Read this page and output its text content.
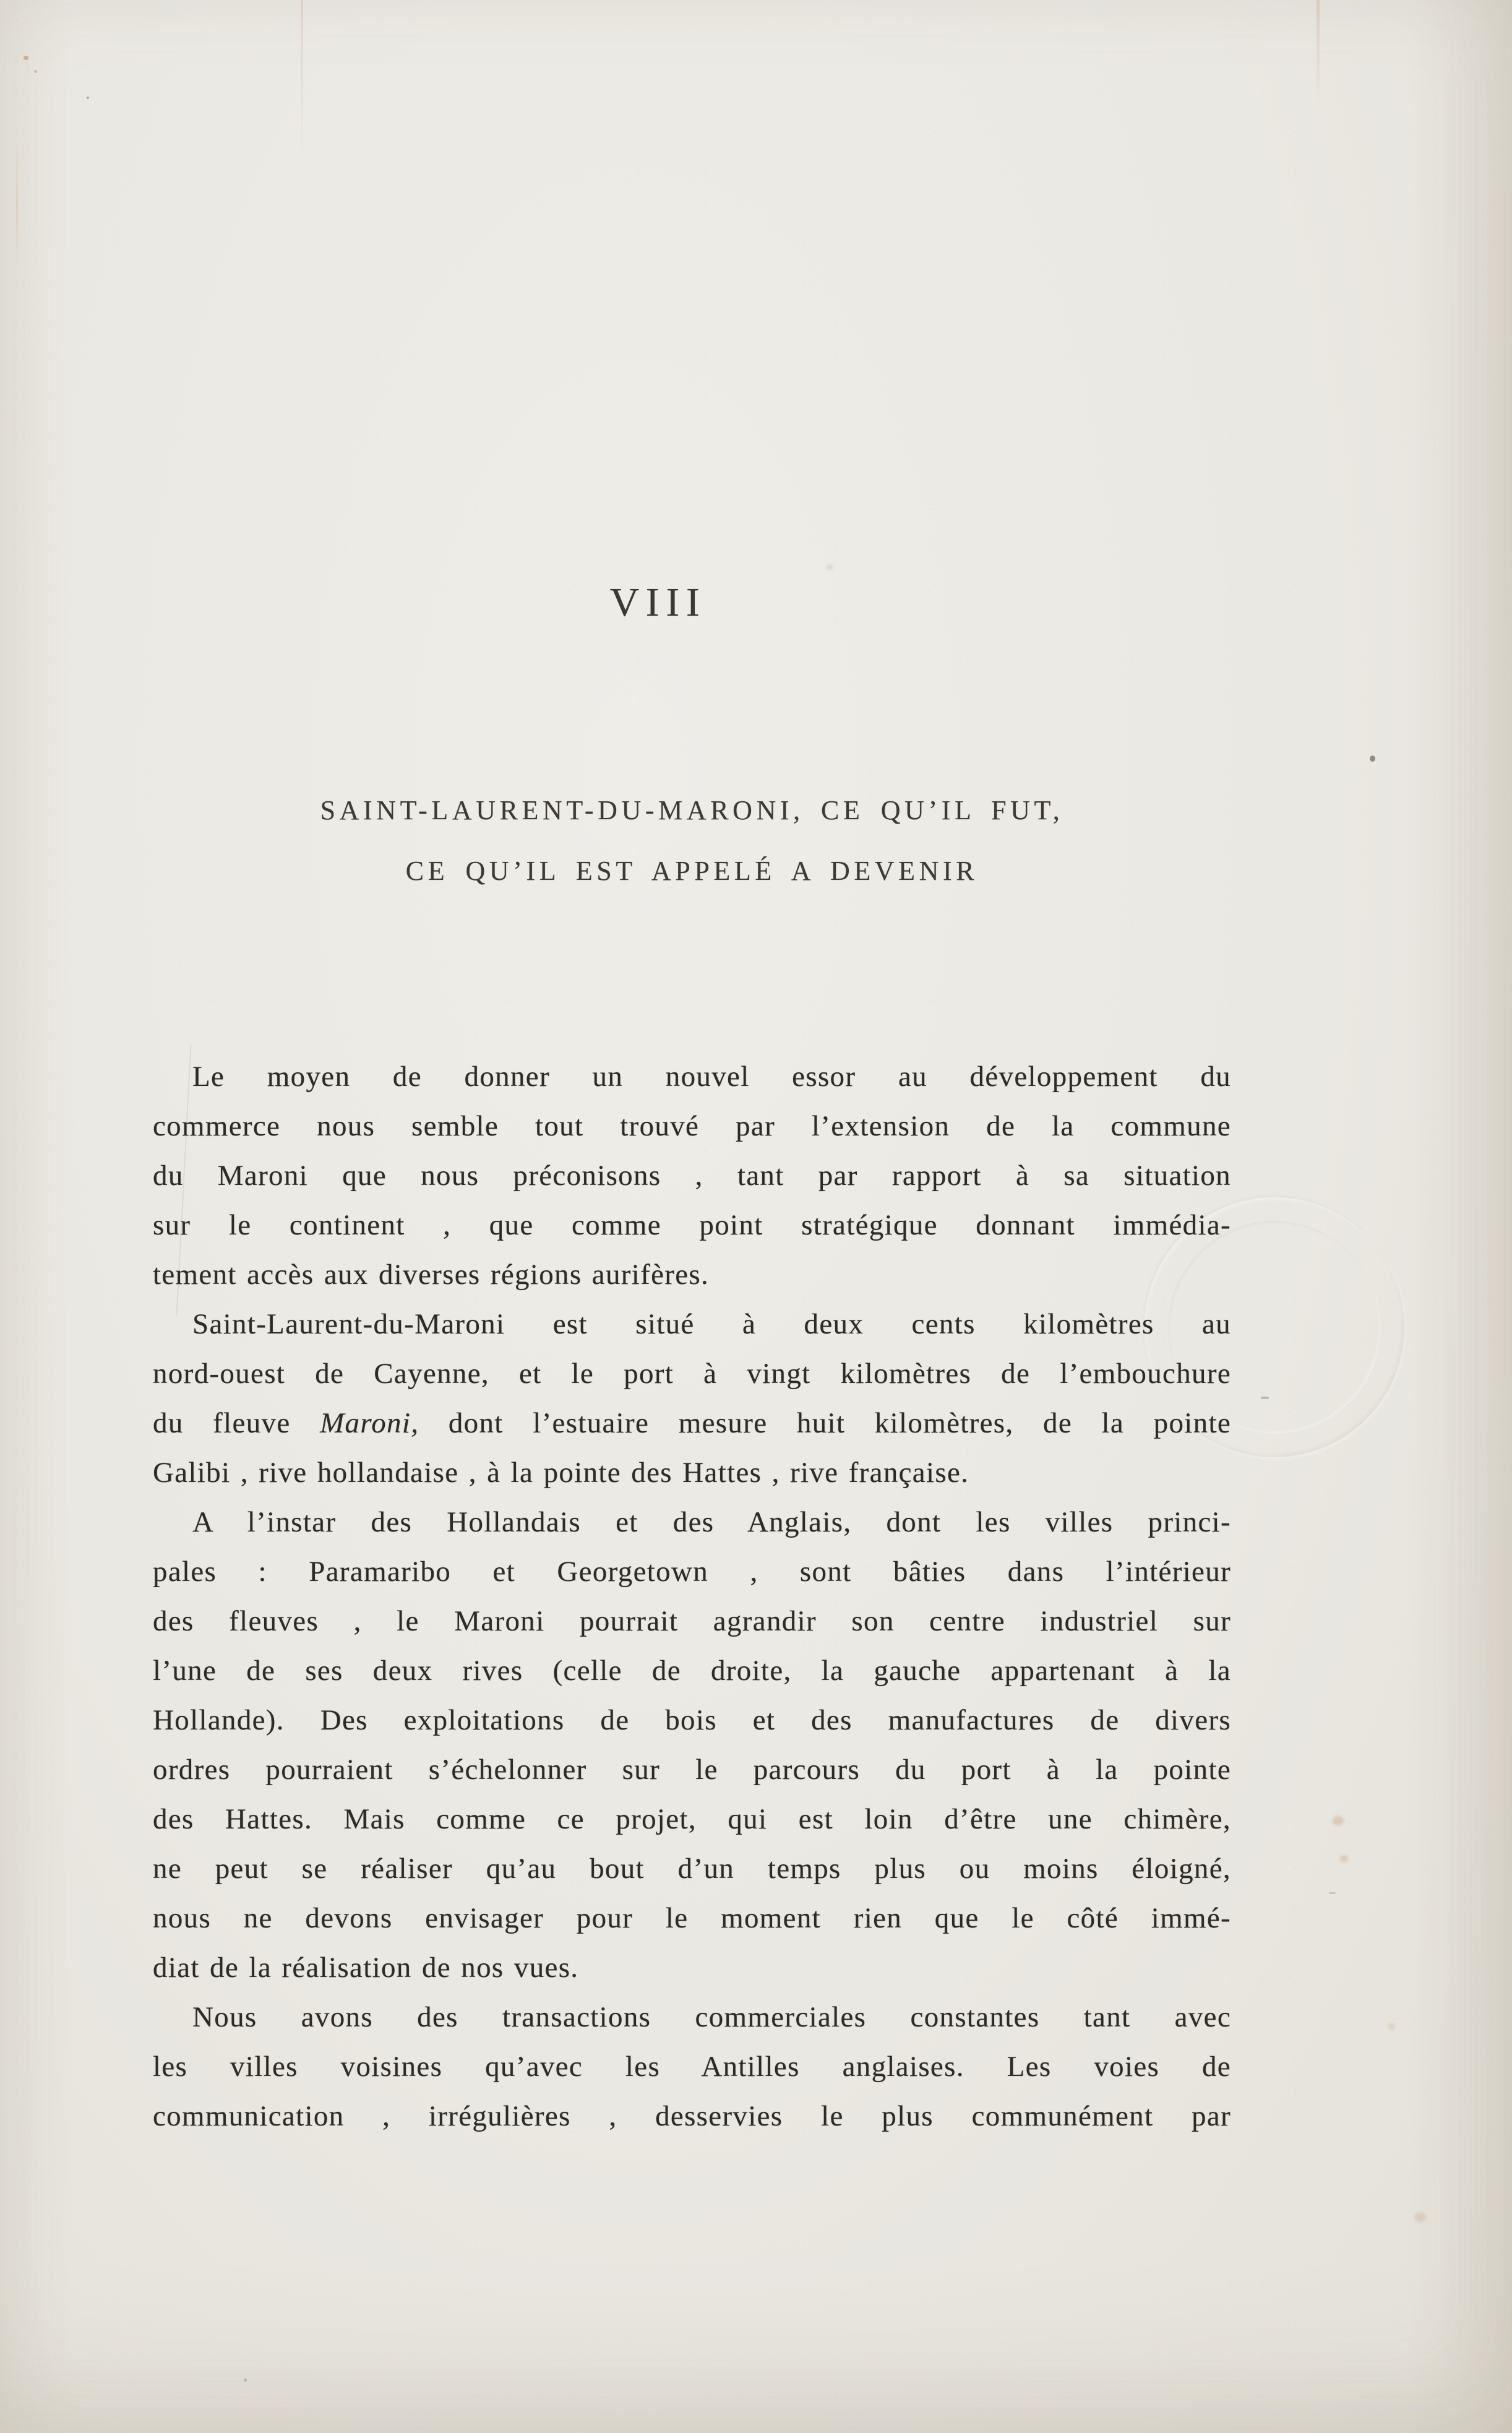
VIII
SAINT-LAURENT-DU-MARONI, CE QU’IL FUT,
CE QU’IL EST APPELÉ A DEVENIR
Le moyen de donner un nouvel essor au développement du
commerce nous semble tout trouvé par l’extension de la commune
du Maroni que nous préconisons , tant par rapport à sa situation
sur le continent , que comme point stratégique donnant immédia-
tement accès aux diverses régions aurifères.
Saint-Laurent-du-Maroni est situé à deux cents kilomètres au
nord-ouest de Cayenne, et le port à vingt kilomètres de l’embouchure
du fleuve Maroni, dont l’estuaire mesure huit kilomètres, de la pointe
Galibi , rive hollandaise , à la pointe des Hattes , rive française.
A l’instar des Hollandais et des Anglais, dont les villes princi-
pales : Paramaribo et Georgetown , sont bâties dans l’intérieur
des fleuves , le Maroni pourrait agrandir son centre industriel sur
l’une de ses deux rives (celle de droite, la gauche appartenant à la
Hollande). Des exploitations de bois et des manufactures de divers
ordres pourraient s’échelonner sur le parcours du port à la pointe
des Hattes. Mais comme ce projet, qui est loin d’être une chimère,
ne peut se réaliser qu’au bout d’un temps plus ou moins éloigné,
nous ne devons envisager pour le moment rien que le côté immé-
diat de la réalisation de nos vues.
Nous avons des transactions commerciales constantes tant avec
les villes voisines qu’avec les Antilles anglaises. Les voies de
communication , irrégulières , desservies le plus communément par
